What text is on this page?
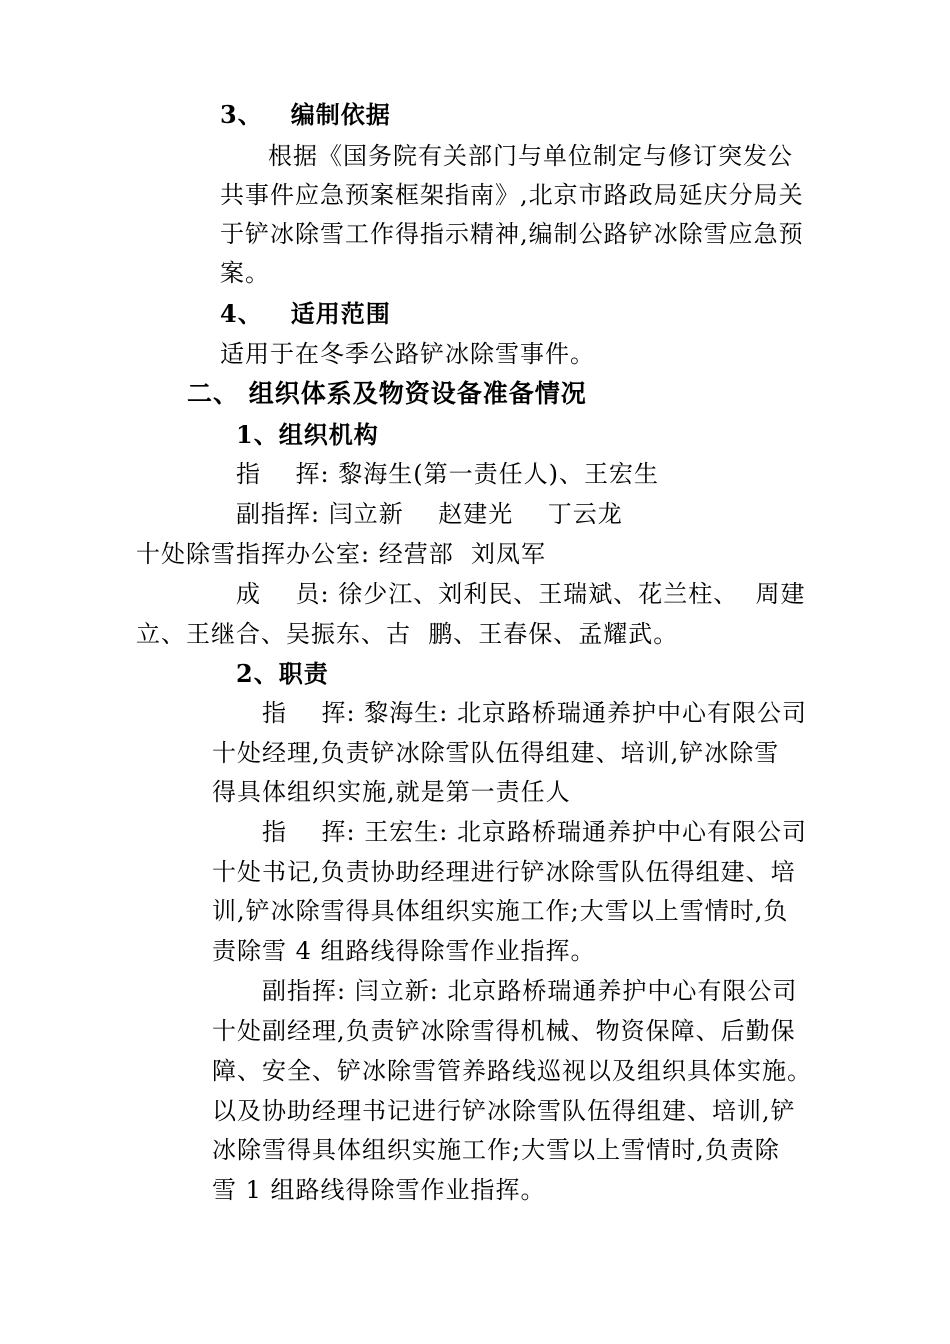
3、   编制依据
根据《国务院有关部门与单位制定与修订突发公
共事件应急预案框架指南》,北京市路政局延庆分局关
于铲冰除雪工作得指示精神,编制公路铲冰除雪应急预
案。
4、   适用范围
适用于在冬季公路铲冰除雪事件。
二、 组织体系及物资设备准备情况
1、组织机构
指    挥: 黎海生(第一责任人)、王宏生
副指挥: 闫立新    赵建光    丁云龙
十处除雪指挥办公室: 经营部  刘凤军
成    员: 徐少江、刘利民、王瑞斌、花兰柱、  周建
立、王继合、吴振东、古  鹏、王春保、孟耀武。
2、职责
指    挥: 黎海生: 北京路桥瑞通养护中心有限公司
十处经理,负责铲冰除雪队伍得组建、培训,铲冰除雪
得具体组织实施,就是第一责任人
指    挥: 王宏生: 北京路桥瑞通养护中心有限公司
十处书记,负责协助经理进行铲冰除雪队伍得组建、培
训,铲冰除雪得具体组织实施工作;大雪以上雪情时,负
责除雪 4 组路线得除雪作业指挥。
副指挥: 闫立新: 北京路桥瑞通养护中心有限公司
十处副经理,负责铲冰除雪得机械、物资保障、后勤保
障、安全、铲冰除雪管养路线巡视以及组织具体实施。
以及协助经理书记进行铲冰除雪队伍得组建、培训,铲
冰除雪得具体组织实施工作;大雪以上雪情时,负责除
雪 1 组路线得除雪作业指挥。
